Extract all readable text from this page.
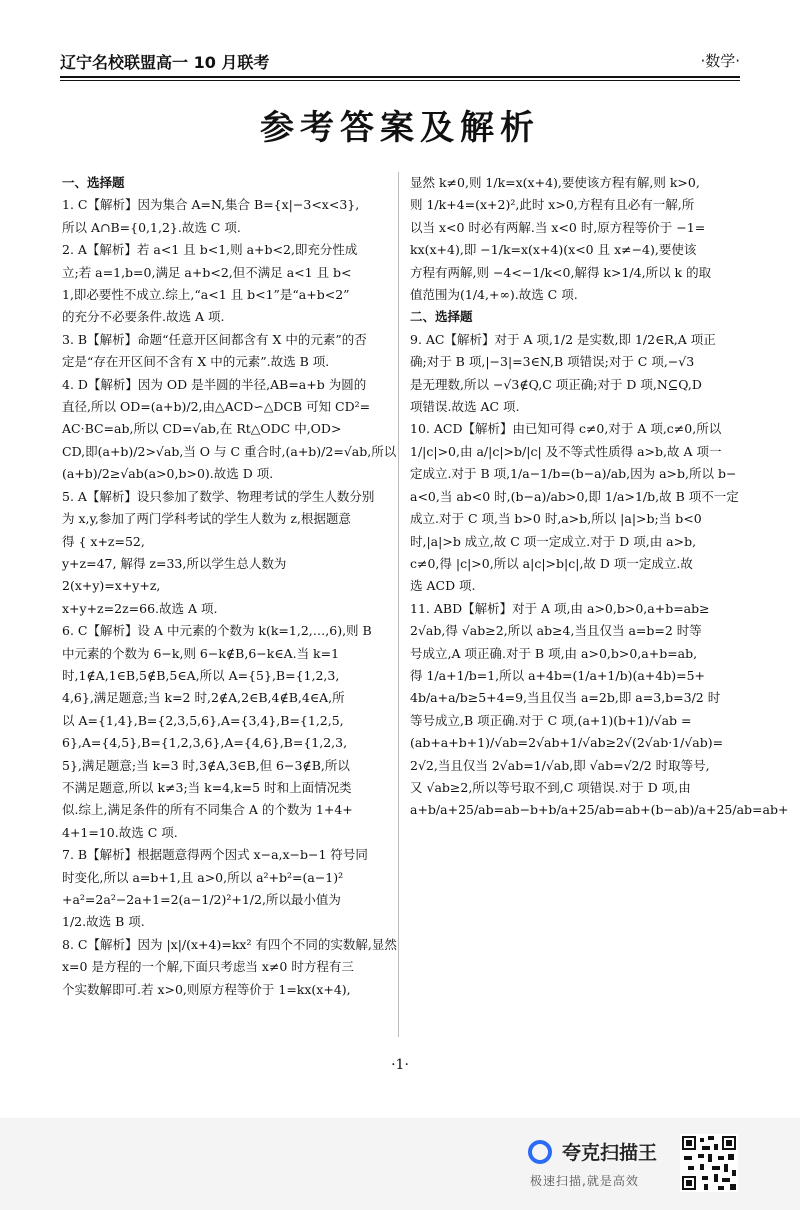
辽宁名校联盟高一 10 月联考	·数学·
参考答案及解析
一、选择题
1. C【解析】因为集合 A=N,集合 B={x|−3<x<3},
所以 A∩B={0,1,2}.故选 C 项.
2. A【解析】若 a<1 且 b<1,则 a+b<2,即充分性成
立;若 a=1,b=0,满足 a+b<2,但不满足 a<1 且 b<
1,即必要性不成立.综上,“a<1 且 b<1”是“a+b<2”
的充分不必要条件.故选 A 项.
3. B【解析】命题“任意开区间都含有 X 中的元素”的否
定是“存在开区间不含有 X 中的元素”.故选 B 项.
4. D【解析】因为 OD 是半圆的半径,AB=a+b 为圆的
直径,所以 OD=(a+b)/2,由△ACD∽△DCB 可知 CD²=
AC·BC=ab,所以 CD=√ab,在 Rt△ODC 中,OD>
CD,即(a+b)/2>√ab,当 O 与 C 重合时,(a+b)/2=√ab,所以
(a+b)/2≥√ab(a>0,b>0).故选 D 项.
5. A【解析】设只参加了数学、物理考试的学生人数分别
为 x,y,参加了两门学科考试的学生人数为 z,根据题意
得 { x+z=52,
y+z=47, 解得 z=33,所以学生总人数为
2(x+y)=x+y+z,
x+y+z=2z=66.故选 A 项.
6. C【解析】设 A 中元素的个数为 k(k=1,2,…,6),则 B
中元素的个数为 6−k,则 6−k∉B,6−k∈A.当 k=1
时,1∉A,1∈B,5∉B,5∈A,所以 A={5},B={1,2,3,
4,6},满足题意;当 k=2 时,2∉A,2∈B,4∉B,4∈A,所
以 A={1,4},B={2,3,5,6},A={3,4},B={1,2,5,
6},A={4,5},B={1,2,3,6},A={4,6},B={1,2,3,
5},满足题意;当 k=3 时,3∉A,3∈B,但 6−3∉B,所以
不满足题意,所以 k≠3;当 k=4,k=5 时和上面情况类
似.综上,满足条件的所有不同集合 A 的个数为 1+4+
4+1=10.故选 C 项.
7. B【解析】根据题意得两个因式 x−a,x−b−1 符号同
时变化,所以 a=b+1,且 a>0,所以 a²+b²=(a−1)²
+a²=2a²−2a+1=2(a−1/2)²+1/2,所以最小值为
1/2.故选 B 项.
8. C【解析】因为 |x|/(x+4)=kx² 有四个不同的实数解,显然
x=0 是方程的一个解,下面只考虑当 x≠0 时方程有三
个实数解即可.若 x>0,则原方程等价于 1=kx(x+4),
显然 k≠0,则 1/k=x(x+4),要使该方程有解,则 k>0,
则 1/k+4=(x+2)²,此时 x>0,方程有且必有一解,所
以当 x<0 时必有两解.当 x<0 时,原方程等价于 −1=
kx(x+4),即 −1/k=x(x+4)(x<0 且 x≠−4),要使该
方程有两解,则 −4<−1/k<0,解得 k>1/4,所以 k 的取
值范围为(1/4,+∞).故选 C 项.
二、选择题
9. AC【解析】对于 A 项,1/2 是实数,即 1/2∈R,A 项正
确;对于 B 项,|−3|=3∈N,B 项错误;对于 C 项,−√3
是无理数,所以 −√3∉Q,C 项正确;对于 D 项,N⊆Q,D
项错误.故选 AC 项.
10. ACD【解析】由已知可得 c≠0,对于 A 项,c≠0,所以
1/|c|>0,由 a/|c|>b/|c| 及不等式性质得 a>b,故 A 项一
定成立.对于 B 项,1/a−1/b=(b−a)/ab,因为 a>b,所以 b−
a<0,当 ab<0 时,(b−a)/ab>0,即 1/a>1/b,故 B 项不一定
成立.对于 C 项,当 b>0 时,a>b,所以 |a|>b;当 b<0
时,|a|>b 成立,故 C 项一定成立.对于 D 项,由 a>b,
c≠0,得 |c|>0,所以 a|c|>b|c|,故 D 项一定成立.故
选 ACD 项.
11. ABD【解析】对于 A 项,由 a>0,b>0,a+b=ab≥
2√ab,得 √ab≥2,所以 ab≥4,当且仅当 a=b=2 时等
号成立,A 项正确.对于 B 项,由 a>0,b>0,a+b=ab,
得 1/a+1/b=1,所以 a+4b=(1/a+1/b)(a+4b)=5+
4b/a+a/b≥5+4=9,当且仅当 a=2b,即 a=3,b=3/2 时
等号成立,B 项正确.对于 C 项,(a+1)(b+1)/√ab =
(ab+a+b+1)/√ab=2√ab+1/√ab≥2√(2√ab·1/√ab)=
2√2,当且仅当 2√ab=1/√ab,即 √ab=√2/2 时取等号,
又 √ab≥2,所以等号取不到,C 项错误.对于 D 项,由
a+b/a+25/ab=ab−b+b/a+25/ab=ab+(b−ab)/a+25/ab=ab+
·1·
夸克扫描王
极速扫描,就是高效
